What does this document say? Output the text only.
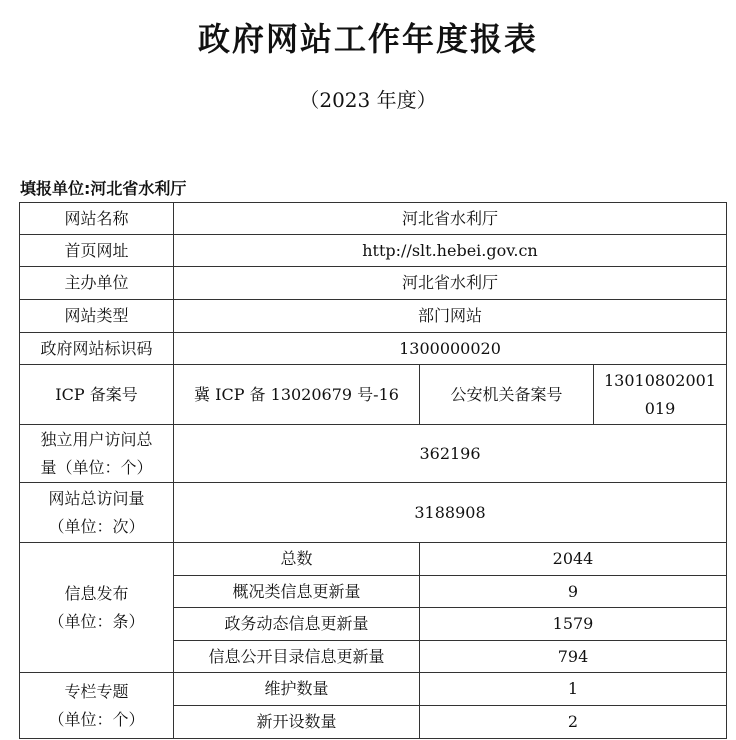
政府网站工作年度报表
（2023 年度）
填报单位:河北省水利厅
网站名称	河北省水利厅		
首页网址	http://slt.hebei.gov.cn		
主办单位	河北省水利厅		
网站类型	部门网站		
政府网站标识码	1300000020		
ICP 备案号	冀 ICP 备 13020679 号-16	公安机关备案号	13010802001
019

独立用户访问总
量（单位：个）	362196		

网站总访问量
（单位：次）	3188908		

信息发布
（单位：条）	总数	2044	
	概况类信息更新量	9	
	政务动态信息更新量	1579	
	信息公开目录信息更新量	794	

专栏专题
（单位：个）	维护数量	1	
	新开设数量	2	
